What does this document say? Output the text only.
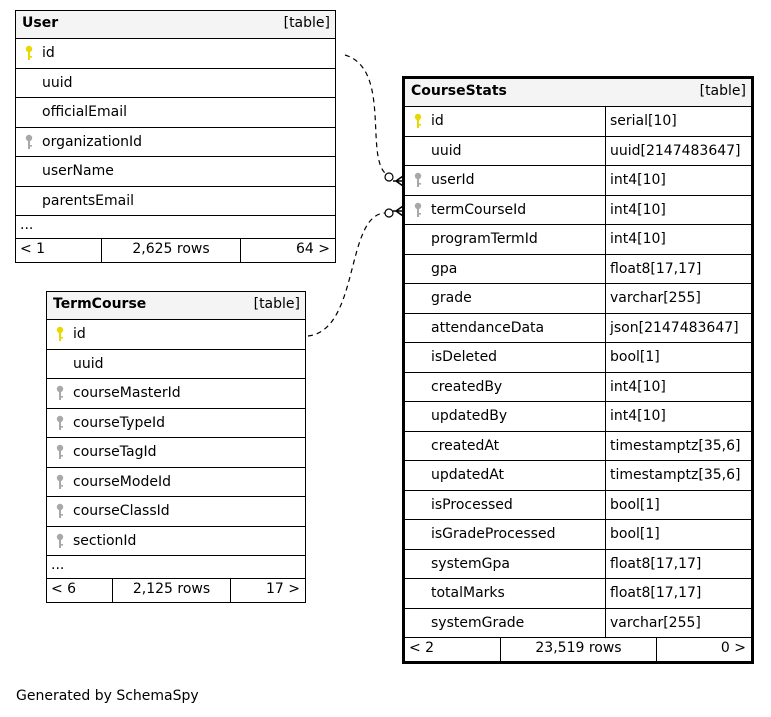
User	[table]
id
uuid
officialEmail
organizationId
userName
parentsEmail
...
< 1	2,625 rows	64 >
TermCourse	[table]
id
uuid
courseMasterId
courseTypeId
courseTagId
courseModeId
courseClassId
sectionId
...
< 6	2,125 rows	17 >
CourseStats	[table]
id	serial[10]
uuid	uuid[2147483647]
userId	int4[10]
termCourseId	int4[10]
programTermId	int4[10]
gpa	float8[17,17]
grade	varchar[255]
attendanceData	json[2147483647]
isDeleted	bool[1]
createdBy	int4[10]
updatedBy	int4[10]
createdAt	timestamptz[35,6]
updatedAt	timestamptz[35,6]
isProcessed	bool[1]
isGradeProcessed	bool[1]
systemGpa	float8[17,17]
totalMarks	float8[17,17]
systemGrade	varchar[255]
< 2	23,519 rows	0 >
Generated by SchemaSpy
